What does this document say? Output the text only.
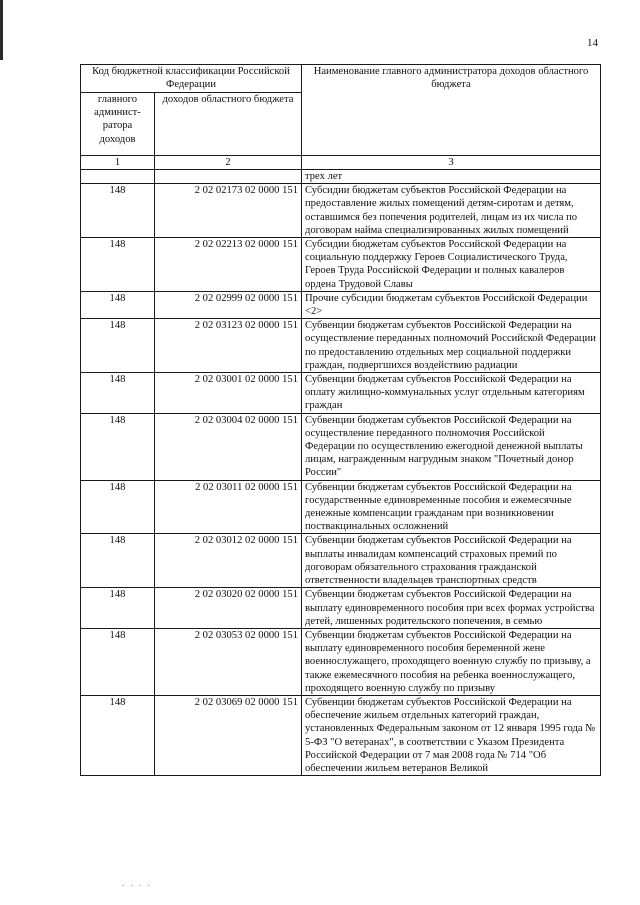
14
Код бюджетной классификации Российской Федерации		Наименование главного администратора доходов областного бюджета
главного админист-ратора доходов	доходов областного бюджета	
1	2	3
		трех лет
148	2 02 02173 02 0000 151	Субсидии бюджетам субъектов Российской Федерации на предоставление жилых помещений детям-сиротам и детям, оставшимся без попечения родителей, лицам из их числа по договорам найма специализированных жилых помещений
148	2 02 02213 02 0000 151	Субсидии бюджетам субъектов Российской Федерации на социальную поддержку Героев Социалистического Труда, Героев Труда Российской Федерации и полных кавалеров ордена Трудовой Славы
148	2 02 02999 02 0000 151	Прочие субсидии бюджетам субъектов Российской Федерации <2>
148	2 02 03123 02 0000 151	Субвенции бюджетам субъектов Российской Федерации на осуществление переданных полномочий Российской Федерации по предоставлению отдельных мер социальной поддержки граждан, подвергшихся воздействию радиации
148	2 02 03001 02 0000 151	Субвенции бюджетам субъектов Российской Федерации на оплату жилищно-коммунальных услуг отдельным категориям граждан
148	2 02 03004 02 0000 151	Субвенции бюджетам субъектов Российской Федерации на осуществление переданного полномочия Российской Федерации по осуществлению ежегодной денежной выплаты лицам, награжденным нагрудным знаком "Почетный донор России"
148	2 02 03011 02 0000 151	Субвенции бюджетам субъектов Российской Федерации на государственные единовременные пособия и ежемесячные денежные компенсации гражданам при возникновении поствакцинальных осложнений
148	2 02 03012 02 0000 151	Субвенции бюджетам субъектов Российской Федерации на выплаты инвалидам компенсаций страховых премий по договорам обязательного страхования гражданской ответственности владельцев транспортных средств
148	2 02 03020 02 0000 151	Субвенции бюджетам субъектов Российской Федерации на выплату единовременного пособия при всех формах устройства детей, лишенных родительского попечения, в семью
148	2 02 03053 02 0000 151	Субвенции бюджетам субъектов Российской Федерации на выплату единовременного пособия беременной жене военнослужащего, проходящего военную службу по призыву, а также ежемесячного пособия на ребенка военнослужащего, проходящего военную службу по призыву
148	2 02 03069 02 0000 151	Субвенции бюджетам субъектов Российской Федерации на обеспечение жильем отдельных категорий граждан, установленных Федеральным законом от 12 января 1995 года № 5-ФЗ "О ветеранах", в соответствии с Указом Президента Российской Федерации от 7 мая 2008 года № 714 "Об обеспечении жильем ветеранов Великой
. . . .
